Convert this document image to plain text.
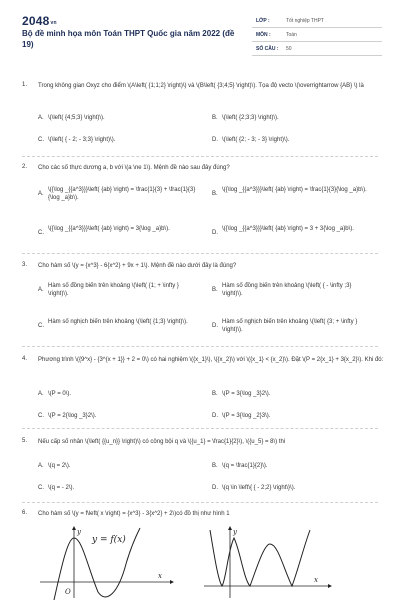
2048vn
Bộ đề minh họa môn Toán THPT Quốc gia năm 2022 (đề 19)
LỚP :	Tốt nghiệp THPT
MÔN :	Toán
SỐ CÂU : 50
1. Trong không gian Oxyz cho điểm \(A\left( {1;1;2} \right)\) và \(B\left( {3;4;5} \right)\). Tọa độ vecto \(\overrightarrow {AB} \) là
A. \(\left( {4;5;3} \right)\).	B. \(\left( {2;3;3} \right)\).
C. \(\left( { - 2; - 3;3} \right)\).	D. \(\left( {2; - 3; - 3} \right)\).
2. Cho các số thực dương a, b với \(a \ne 1\). Mệnh đề nào sau đây đúng?
A.
\({\log _{{a^3}}}\left( {ab} \right) = \frac{1}{3} + \frac{1}{3}{\log _a}b\).
B.
\({\log _{{a^3}}}\left( {ab} \right) = \frac{1}{3}{\log _a}b\).
C.
\({\log _{{a^3}}}\left( {ab} \right) = 3{\log _a}b\).
D.
\({\log _{{a^3}}}\left( {ab} \right) = 3 + 3{\log _a}b\).
3. Cho hàm số \(y = {x^3} - 6{x^2} + 9x + 1\). Mệnh đề nào dưới đây là đúng?
A.
Hàm số đồng biến trên khoảng \(\left( {1; + \infty } \right)\).
B.
Hàm số đồng biến trên khoảng \(\left( { - \infty ;3} \right)\).
C.
Hàm số nghịch biến trên khoảng \(\left( {1;3} \right)\).
D.
Hàm số nghịch biến trên khoảng \(\left( {3; + \infty } \right)\).
4. Phương trình \({9^x} - {3^{x + 1}} + 2 = 0\) có hai nghiệm \({x_1}\), \({x_2}\) với \({x_1} < {x_2}\). Đặt \(P = 2{x_1} + 3{x_2}\). Khi đó:
A. \(P = 0\).	B. \(P = 3{\log _3}2\).
C. \(P = 2{\log _3}2\).	D. \(P = 3{\log _2}3\).
5. Nếu cấp số nhân \(\left( {{u_n}} \right)\) có công bội q và \({u_1} = \frac{1}{2}\), \({u_5} = 8\) thì
A. \(q = 2\).	B. \(q = \frac{1}{2}\).
C. \(q = - 2\).	D. \(q \in \left\{ { - 2;2} \right\}\).
6. Cho hàm số \(y = f\left( x \right) = {x^3} - 3{x^2} + 2\)có đồ thị như hình 1
y = f(x)
y
x
O
y
x
